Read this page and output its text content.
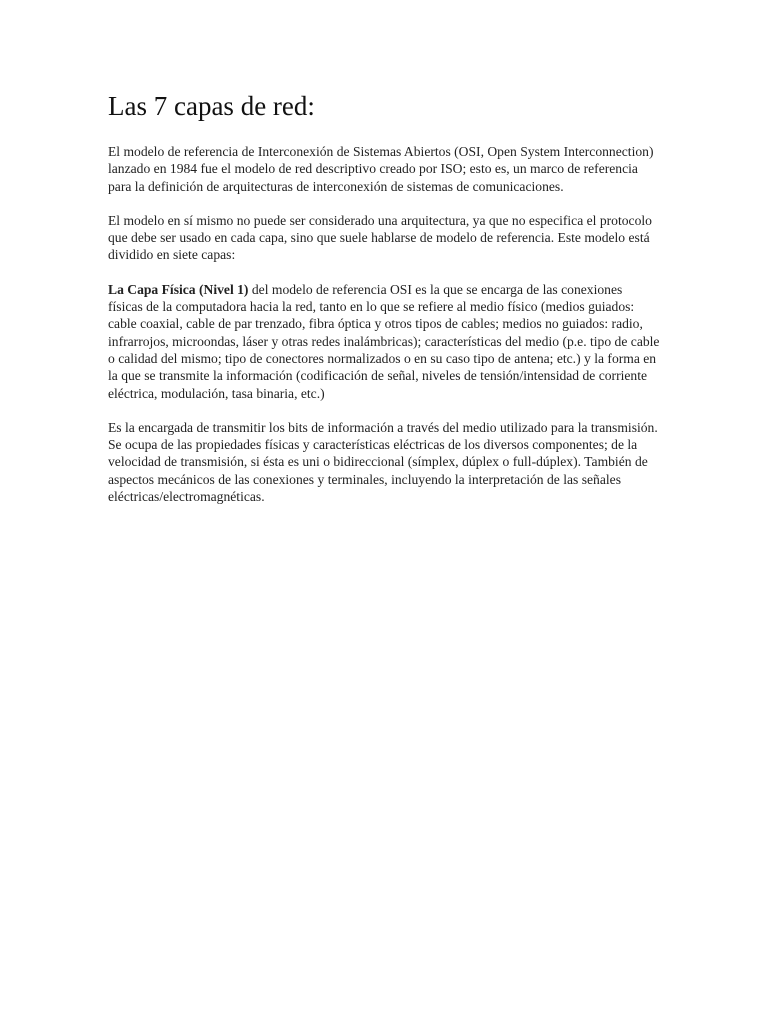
Las 7 capas de red:

El modelo de referencia de Interconexión de Sistemas Abiertos (OSI, Open System Interconnection) lanzado en 1984 fue el modelo de red descriptivo creado por ISO; esto es, un marco de referencia para la definición de arquitecturas de interconexión de sistemas de comunicaciones.

El modelo en sí mismo no puede ser considerado una arquitectura, ya que no especifica el protocolo que debe ser usado en cada capa, sino que suele hablarse de modelo de referencia. Este modelo está dividido en siete capas:

La Capa Física (Nivel 1) del modelo de referencia OSI es la que se encarga de las conexiones físicas de la computadora hacia la red, tanto en lo que se refiere al medio físico (medios guiados: cable coaxial, cable de par trenzado, fibra óptica y otros tipos de cables; medios no guiados: radio, infrarrojos, microondas, láser y otras redes inalámbricas); características del medio (p.e. tipo de cable o calidad del mismo; tipo de conectores normalizados o en su caso tipo de antena; etc.) y la forma en la que se transmite la información (codificación de señal, niveles de tensión/intensidad de corriente eléctrica, modulación, tasa binaria, etc.)

Es la encargada de transmitir los bits de información a través del medio utilizado para la transmisión. Se ocupa de las propiedades físicas y características eléctricas de los diversos componentes; de la velocidad de transmisión, si ésta es uni o bidireccional (símplex, dúplex o full-dúplex). También de aspectos mecánicos de las conexiones y terminales, incluyendo la interpretación de las señales eléctricas/electromagnéticas.
